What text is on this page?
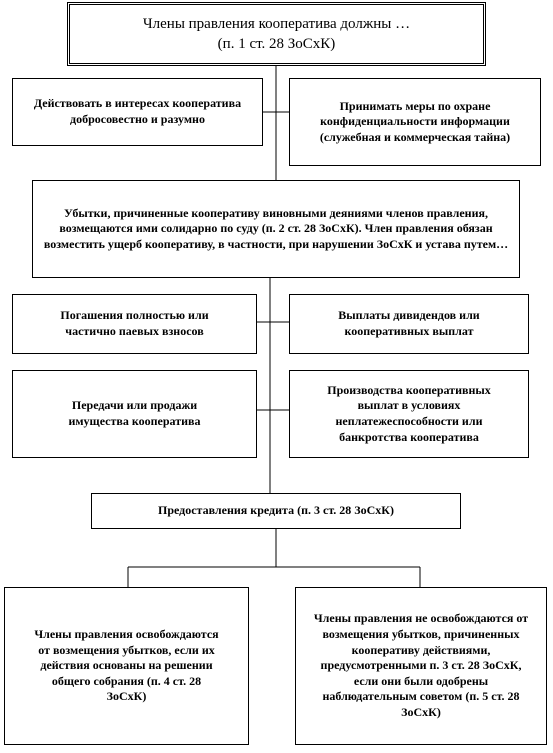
Члены правления кооператива должны …
(п. 1 ст. 28 ЗоСхК)
Действовать в интересах кооператива добросовестно и разумно
Принимать меры по охране конфиденциальности информации (служебная и коммерческая тайна)
Убытки, причиненные кооперативу виновными деяниями членов правления, возмещаются ими солидарно по суду (п. 2 ст. 28 ЗоСхК). Член правления обязан возместить ущерб кооперативу, в частности, при нарушении ЗоСхК и устава путем…
Погашения полностью или частично паевых взносов
Выплаты дивидендов или кооперативных выплат
Передачи или продажи имущества кооператива
Производства кооперативных выплат в условиях неплатежеспособности или банкротства кооператива
Предоставления кредита (п. 3 ст. 28 ЗоСхК)
Члены правления освобождаются от возмещения убытков, если их действия основаны на решении общего собрания (п. 4 ст. 28 ЗоСхК)
Члены правления не освобождаются от возмещения убытков, причиненных кооперативу действиями, предусмотренными п. 3 ст. 28 ЗоСхК, если они были одобрены наблюдательным советом (п. 5 ст. 28 ЗоСхК)
